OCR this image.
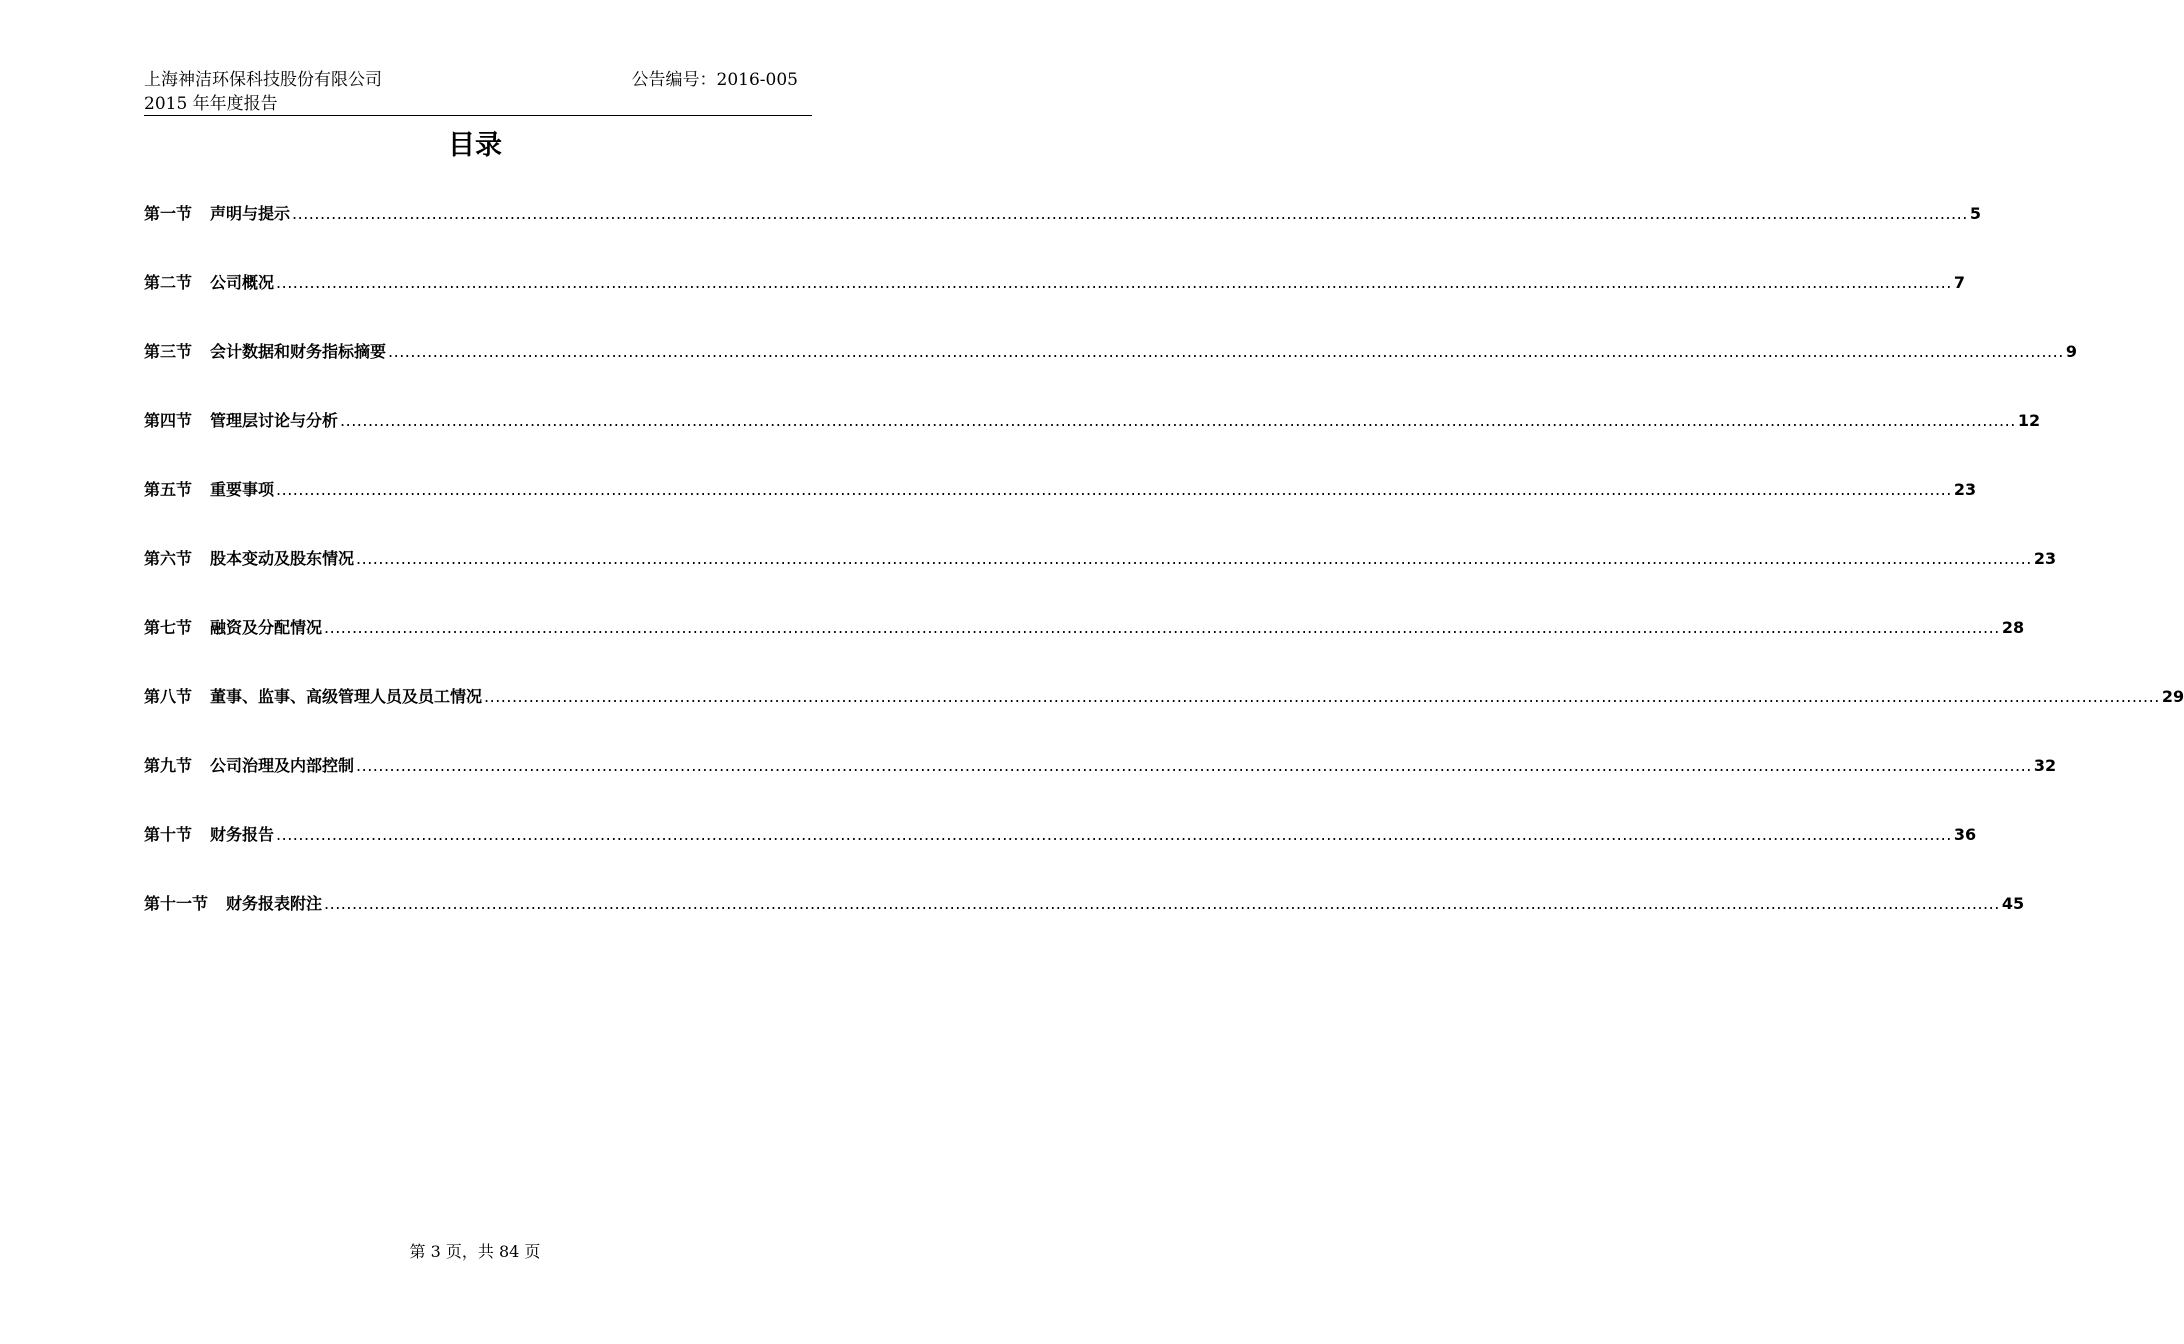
上海神洁环保科技股份有限公司
2015 年年度报告
公告编号：2016-005
目录
第一节	声明与提示 ............................................................................................................................................................................................................................................................................................................ 5
第二节	公司概况 ............................................................................................................................................................................................................................................................................................................ 7
第三节	会计数据和财务指标摘要 ............................................................................................................................................................................................................................................................................................................ 9
第四节	管理层讨论与分析 ............................................................................................................................................................................................................................................................................................................ 12
第五节	重要事项 ............................................................................................................................................................................................................................................................................................................ 23
第六节	股本变动及股东情况 ............................................................................................................................................................................................................................................................................................................ 23
第七节	融资及分配情况 ............................................................................................................................................................................................................................................................................................................ 28
第八节	董事、监事、高级管理人员及员工情况 ............................................................................................................................................................................................................................................................................................................ 29
第九节	公司治理及内部控制 ............................................................................................................................................................................................................................................................................................................ 32
第十节	财务报告 ............................................................................................................................................................................................................................................................................................................ 36
第十一节	财务报表附注 ............................................................................................................................................................................................................................................................................................................ 45
第 3 页，共 84 页
